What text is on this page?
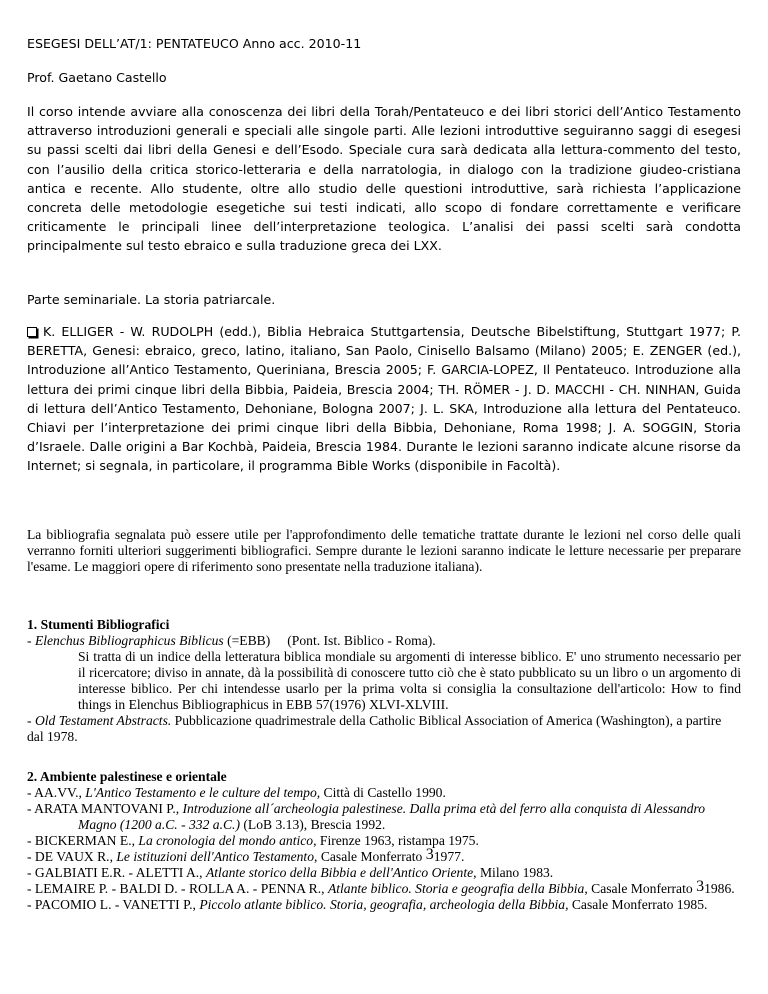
ESEGESI DELL’AT/1: PENTATEUCO Anno acc. 2010-11
Prof. Gaetano Castello
Il corso intende avviare alla conoscenza dei libri della Torah/Pentateuco e dei libri storici dell’Antico Testamento attraverso introduzioni generali e speciali alle singole parti. Alle lezioni introduttive seguiranno saggi di esegesi su passi scelti dai libri della Genesi e dell’Esodo. Speciale cura sarà dedicata alla lettura-commento del testo, con l’ausilio della critica storico-letteraria e della narratologia, in dialogo con la tradizione giudeo-cristiana antica e recente. Allo studente, oltre allo studio delle questioni introduttive, sarà richiesta l’applicazione concreta delle metodologie esegetiche sui testi indicati, allo scopo di fondare correttamente e verificare criticamente le principali linee dell’interpretazione teologica. L’analisi dei passi scelti sarà condotta principalmente sul testo ebraico e sulla traduzione greca dei LXX.
Parte seminariale. La storia patriarcale.
K. ELLIGER - W. RUDOLPH (edd.), Biblia Hebraica Stuttgartensia, Deutsche Bibelstiftung, Stuttgart 1977; P. BERETTA, Genesi: ebraico, greco, latino, italiano, San Paolo, Cinisello Balsamo (Milano) 2005; E. ZENGER (ed.), Introduzione all’Antico Testamento, Queriniana, Brescia 2005; F. GARCIA-LOPEZ, Il Pentateuco. Introduzione alla lettura dei primi cinque libri della Bibbia, Paideia, Brescia 2004; TH. RÖMER - J. D. MACCHI - CH. NINHAN, Guida di lettura dell’Antico Testamento, Dehoniane, Bologna 2007; J. L. SKA, Introduzione alla lettura del Pentateuco. Chiavi per l’interpretazione dei primi cinque libri della Bibbia, Dehoniane, Roma 1998; J. A. SOGGIN, Storia d’Israele. Dalle origini a Bar Kochbà, Paideia, Brescia 1984. Durante le lezioni saranno indicate alcune risorse da Internet; si segnala, in particolare, il programma Bible Works (disponibile in Facoltà).
La bibliografia segnalata può essere utile per l'approfondimento delle tematiche trattate durante le lezioni nel corso delle quali verranno forniti ulteriori suggerimenti bibliografici. Sempre durante le lezioni saranno indicate le letture necessarie per preparare l'esame. Le maggiori opere di riferimento sono presentate nella traduzione italiana).
1. Stumenti Bibliografici
- Elenchus Bibliographicus Biblicus (=EBB)  (Pont. Ist. Biblico - Roma).
Si tratta di un indice della letteratura biblica mondiale su argomenti di interesse biblico. E' uno strumento necessario per il ricercatore; diviso in annate, dà la possibilità di conoscere tutto ciò che è stato pubblicato su un libro o un argomento di interesse biblico. Per chi intendesse usarlo per la prima volta si consiglia la consultazione dell'articolo: How to find things in Elenchus Bibliographicus in EBB 57(1976) XLVI-XLVIII.
- Old Testament Abstracts. Pubblicazione quadrimestrale della Catholic Biblical Association of America (Washington), a partire dal 1978.
2. Ambiente palestinese e orientale
- AA.VV., L'Antico Testamento e le culture del tempo, Città di Castello 1990.
- ARATA MANTOVANI P., Introduzione all´archeologia palestinese. Dalla prima età del ferro alla conquista di Alessandro Magno (1200 a.C. - 332 a.C.) (LoB 3.13), Brescia 1992.
- BICKERMAN E., La cronologia del mondo antico, Firenze 1963, ristampa 1975.
- DE VAUX R., Le istituzioni dell'Antico Testamento, Casale Monferrato 31977.
- GALBIATI E.R. - ALETTI A., Atlante storico della Bibbia e dell'Antico Oriente, Milano 1983.
- LEMAIRE P. - BALDI D. - ROLLA A. - PENNA R., Atlante biblico. Storia e geografia della Bibbia, Casale Monferrato 31986.
- PACOMIO L. - VANETTI P., Piccolo atlante biblico. Storia, geografia, archeologia della Bibbia, Casale Monferrato 1985.
